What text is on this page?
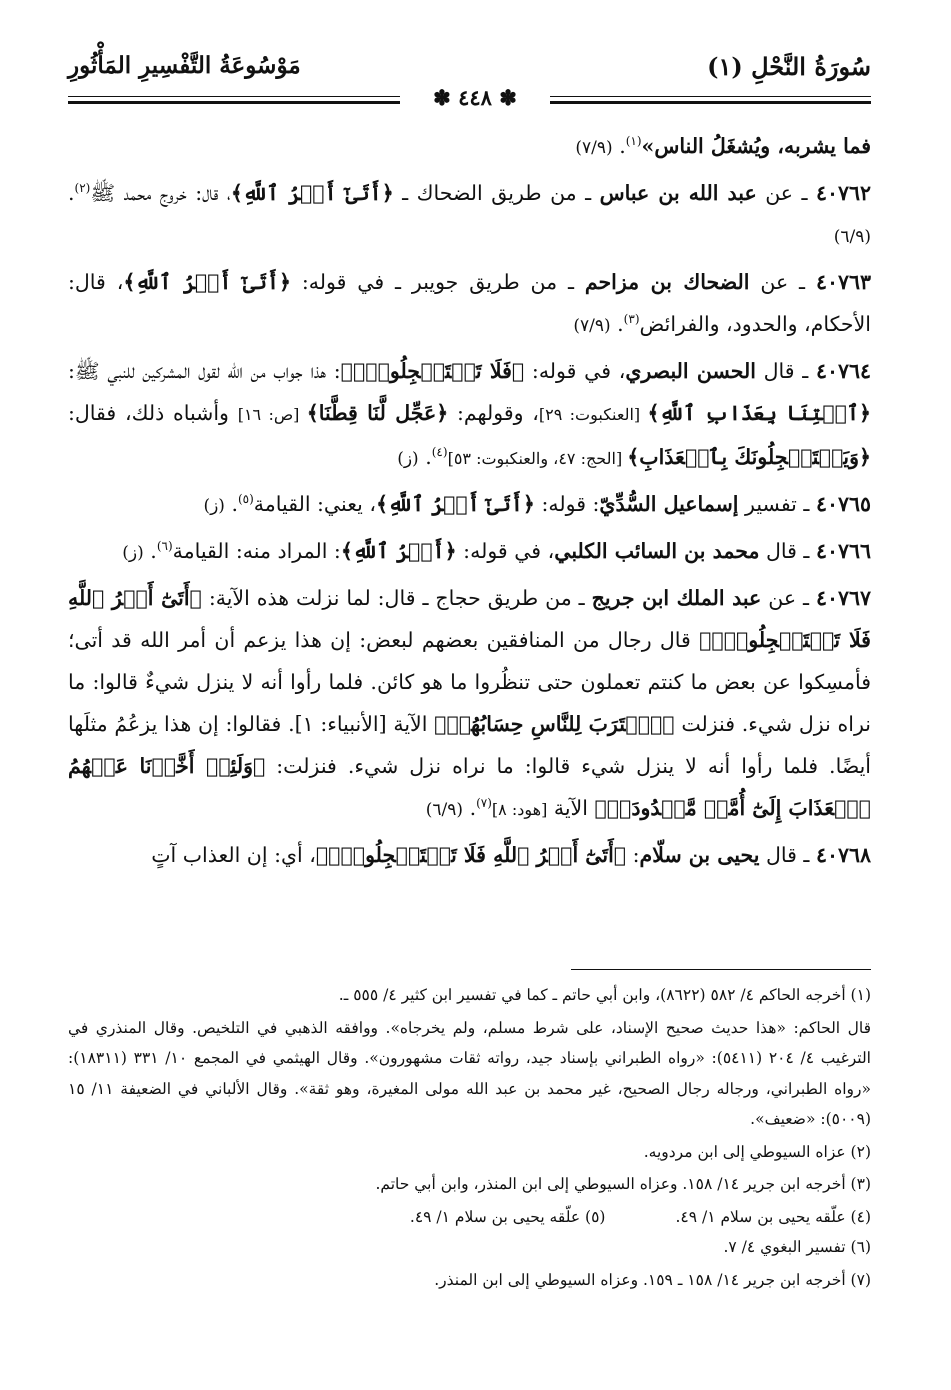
سُورَةُ النَّحْلِ (١)
مَوْسُوعَةُ التَّفْسِيرِ المَأْثُورِ
✽ ٤٤٨ ✽

فما يشربه، ويُشغَلُ الناس»$^{(١)}$. (٧/٩)

٤٠٧٦٢ ـ عن عبد الله بن عباس ـ من طريق الضحاك ـ ﴿أَتَىٰٓ أَمۡرُ ٱللَّهِ﴾، قال: خروج محمد ﷺ$^{(٢)}$. (٦/٩)

٤٠٧٦٣ ـ عن الضحاك بن مزاحم ـ من طريق جويبر ـ في قوله: ﴿أَتَىٰٓ أَمۡرُ ٱللَّهِ﴾، قال: الأحكام، والحدود، والفرائض$^{(٣)}$. (٧/٩)

٤٠٧٦٤ ـ قال الحسن البصري، في قوله: ﴿فَلَا تَسۡتَعۡجِلُوهُۚ﴾: هذا جواب من الله لقول المشركين للنبي ﷺ: ﴿ٱئۡتِنَا بِعَذَابِ ٱللَّهِ﴾ [العنكبوت: ٢٩]، وقولهم: ﴿عَجِّل لَّنَا قِطَّنَا﴾ [ص: ١٦] وأشباه ذلك، فقال: ﴿وَيَسۡتَعۡجِلُونَكَ بِٱلۡعَذَابِ﴾ [الحج: ٤٧، والعنكبوت: ٥٣]$^{(٤)}$. (ز)

٤٠٧٦٥ ـ تفسير إسماعيل السُّدِّيّ: قوله: ﴿أَتَىٰٓ أَمۡرُ ٱللَّهِ﴾، يعني: القيامة$^{(٥)}$. (ز)

٤٠٧٦٦ ـ قال محمد بن السائب الكلبي، في قوله: ﴿أَمۡرُ ٱللَّهِ﴾: المراد منه: القيامة$^{(٦)}$. (ز)

٤٠٧٦٧ ـ عن عبد الملك ابن جريج ـ من طريق حجاج ـ قال: لما نزلت هذه الآية: ﴿أَتَىٰٓ أَمۡرُ ٱللَّهِ فَلَا تَسۡتَعۡجِلُوهُۚ﴾ قال رجال من المنافقين بعضهم لبعض: إن هذا يزعم أن أمر الله قد أتى؛ فأمسِكوا عن بعض ما كنتم تعملون حتى تنظُروا ما هو كائن. فلما رأوا أنه لا ينزل شيءٌ قالوا: ما نراه نزل شيء. فنزلت ﴿ٱقۡتَرَبَ لِلنَّاسِ حِسَابُهُمۡ﴾ الآية [الأنبياء: ١]. فقالوا: إن هذا يزعُمُ مثلَها أيضًا. فلما رأوا أنه لا ينزل شيء قالوا: ما نراه نزل شيء. فنزلت: ﴿وَلَئِنۡ أَخَّرۡنَا عَنۡهُمُ ٱلۡعَذَابَ إِلَىٰٓ أُمَّةٖ مَّعۡدُودَةٖ﴾ الآية [هود: ٨]$^{(٧)}$. (٦/٩)

٤٠٧٦٨ ـ قال يحيى بن سلّام: ﴿أَتَىٰٓ أَمۡرُ ٱللَّهِ فَلَا تَسۡتَعۡجِلُوهُۚ﴾، أي: إن العذاب آتٍ

(١) أخرجه الحاكم ٤/ ٥٨٢ (٨٦٢٢)، وابن أبي حاتم ـ كما في تفسير ابن كثير ٤/ ٥٥٥ ـ.

قال الحاكم: «هذا حديث صحيح الإسناد، على شرط مسلم، ولم يخرجاه». ووافقه الذهبي في التلخيص. وقال المنذري في الترغيب ٤/ ٢٠٤ (٥٤١١): «رواه الطبراني بإسناد جيد، رواته ثقات مشهورون». وقال الهيثمي في المجمع ١٠/ ٣٣١ (١٨٣١١): «رواه الطبراني، ورجاله رجال الصحيح، غير محمد بن عبد الله مولى المغيرة، وهو ثقة». وقال الألباني في الضعيفة ١١/ ١٥ (٥٠٠٩): «ضعيف».

(٢) عزاه السيوطي إلى ابن مردويه.

(٣) أخرجه ابن جرير ١٤/ ١٥٨. وعزاه السيوطي إلى ابن المنذر، وابن أبي حاتم.

(٤) علّقه يحيى بن سلام ١/ ٤٩.
(٥) علّقه يحيى بن سلام ١/ ٤٩.

(٦) تفسير البغوي ٤/ ٧.

(٧) أخرجه ابن جرير ١٤/ ١٥٨ ـ ١٥٩. وعزاه السيوطي إلى ابن المنذر.
